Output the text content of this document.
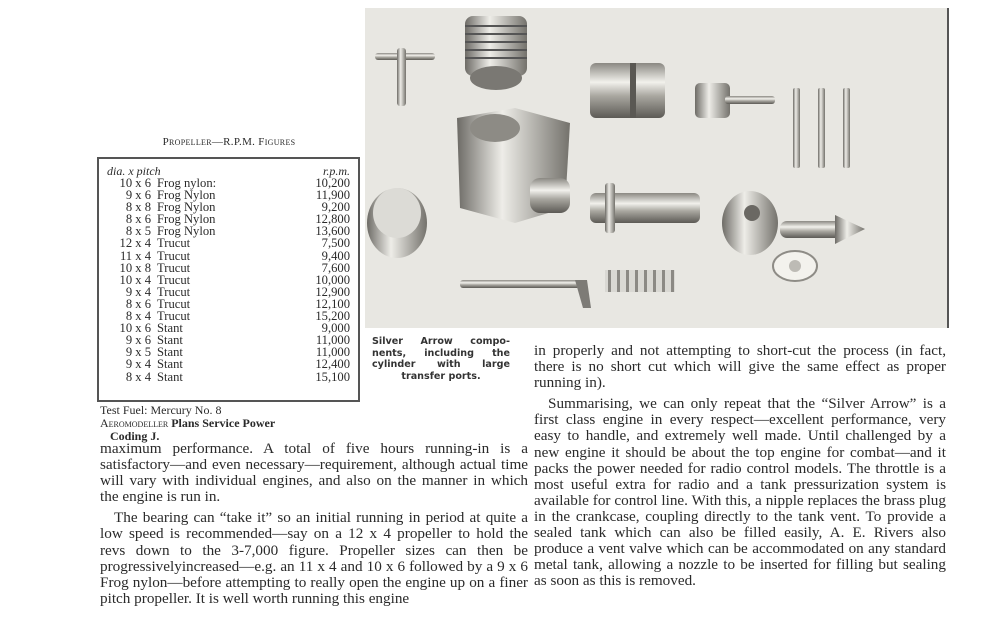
Propeller—R.P.M. Figures
dia. x pitch	r.p.m.
10 x 6 Frog nylon:	10,200
9 x 6 Frog Nylon	11,900
8 x 8 Frog Nylon	9,200
8 x 6 Frog Nylon	12,800
8 x 5 Frog Nylon	13,600
12 x 4 Trucut	7,500
11 x 4 Trucut	9,400
10 x 8 Trucut	7,600
10 x 4 Trucut	10,000
9 x 4 Trucut	12,900
8 x 6 Trucut	12,100
8 x 4 Trucut	15,200
10 x 6 Stant	9,000
9 x 6 Stant	11,000
9 x 5 Stant	11,000
9 x 4 Stant	12,400
8 x 4 Stant	15,100
Silver Arrow compo-nents, including the cylinder with large transfer ports.
Test Fuel: Mercury No. 8
Aeromodeller Plans Service Power
Coding J.

maximum performance. A total of five hours running-in is a satisfactory—and even necessary—requirement, although actual time will vary with individual engines, and also on the manner in which the engine is run in.

The bearing can “take it” so an initial running in period at quite a low speed is recommended—say on a 12 x 4 propeller to hold the revs down to the 3-7,000 figure. Propeller sizes can then be progressivelyincreased—e.g. an 11 x 4 and 10 x 6 followed by a 9 x 6 Frog nylon—before attempting to really open the engine up on a finer pitch propeller. It is well worth running this engine

in properly and not attempting to short-cut the process (in fact, there is no short cut which will give the same effect as proper running in).

Summarising, we can only repeat that the “Silver Arrow” is a first class engine in every respect—excellent performance, very easy to handle, and extremely well made. Until challenged by a new engine it should be about the top engine for combat—and it packs the power needed for radio control models. The throttle is a most useful extra for radio and a tank pressurization system is available for control line. With this, a nipple replaces the brass plug in the crankcase, coupling directly to the tank vent. To provide a sealed tank which can also be filled easily, A. E. Rivers also produce a vent valve which can be accommodated on any standard metal tank, allowing a nozzle to be inserted for filling but sealing as soon as this is removed.
